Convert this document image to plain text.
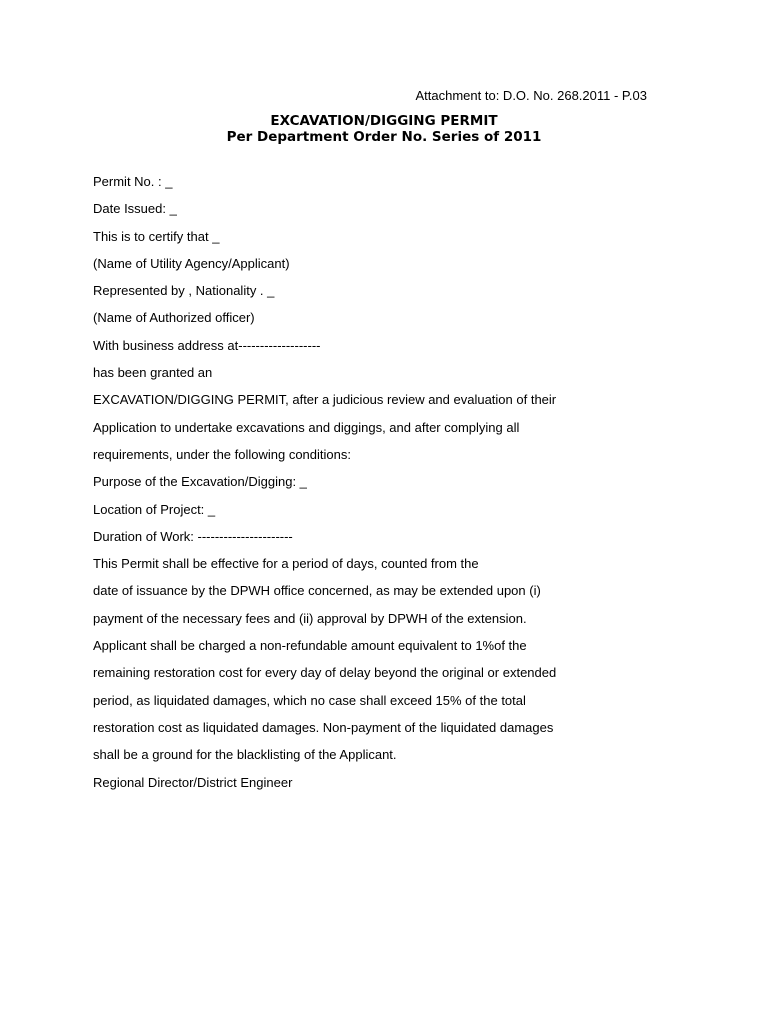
Attachment to: D.O. No. 268.2011 - P.03
EXCAVATION/DIGGING PERMIT
Per Department Order No. Series of 2011
Permit No. : _
Date Issued: _
This is to certify that _
(Name of Utility Agency/Applicant)
Represented by , Nationality . _
(Name of Authorized officer)
With business address at-------------------
has been granted an
EXCAVATION/DIGGING PERMIT, after a judicious review and evaluation of their
Application to undertake excavations and diggings, and after complying all
requirements, under the following conditions:
Purpose of the Excavation/Digging: _
Location of Project: _
Duration of Work: ----------------------
This Permit shall be effective for a period of days, counted from the
date of issuance by the DPWH office concerned, as may be extended upon (i)
payment of the necessary fees and (ii) approval by DPWH of the extension.
Applicant shall be charged a non-refundable amount equivalent to 1%of the
remaining restoration cost for every day of delay beyond the original or extended
period, as liquidated damages, which no case shall exceed 15% of the total
restoration cost as liquidated damages. Non-payment of the liquidated damages
shall be a ground for the blacklisting of the Applicant.
Regional Director/District Engineer
